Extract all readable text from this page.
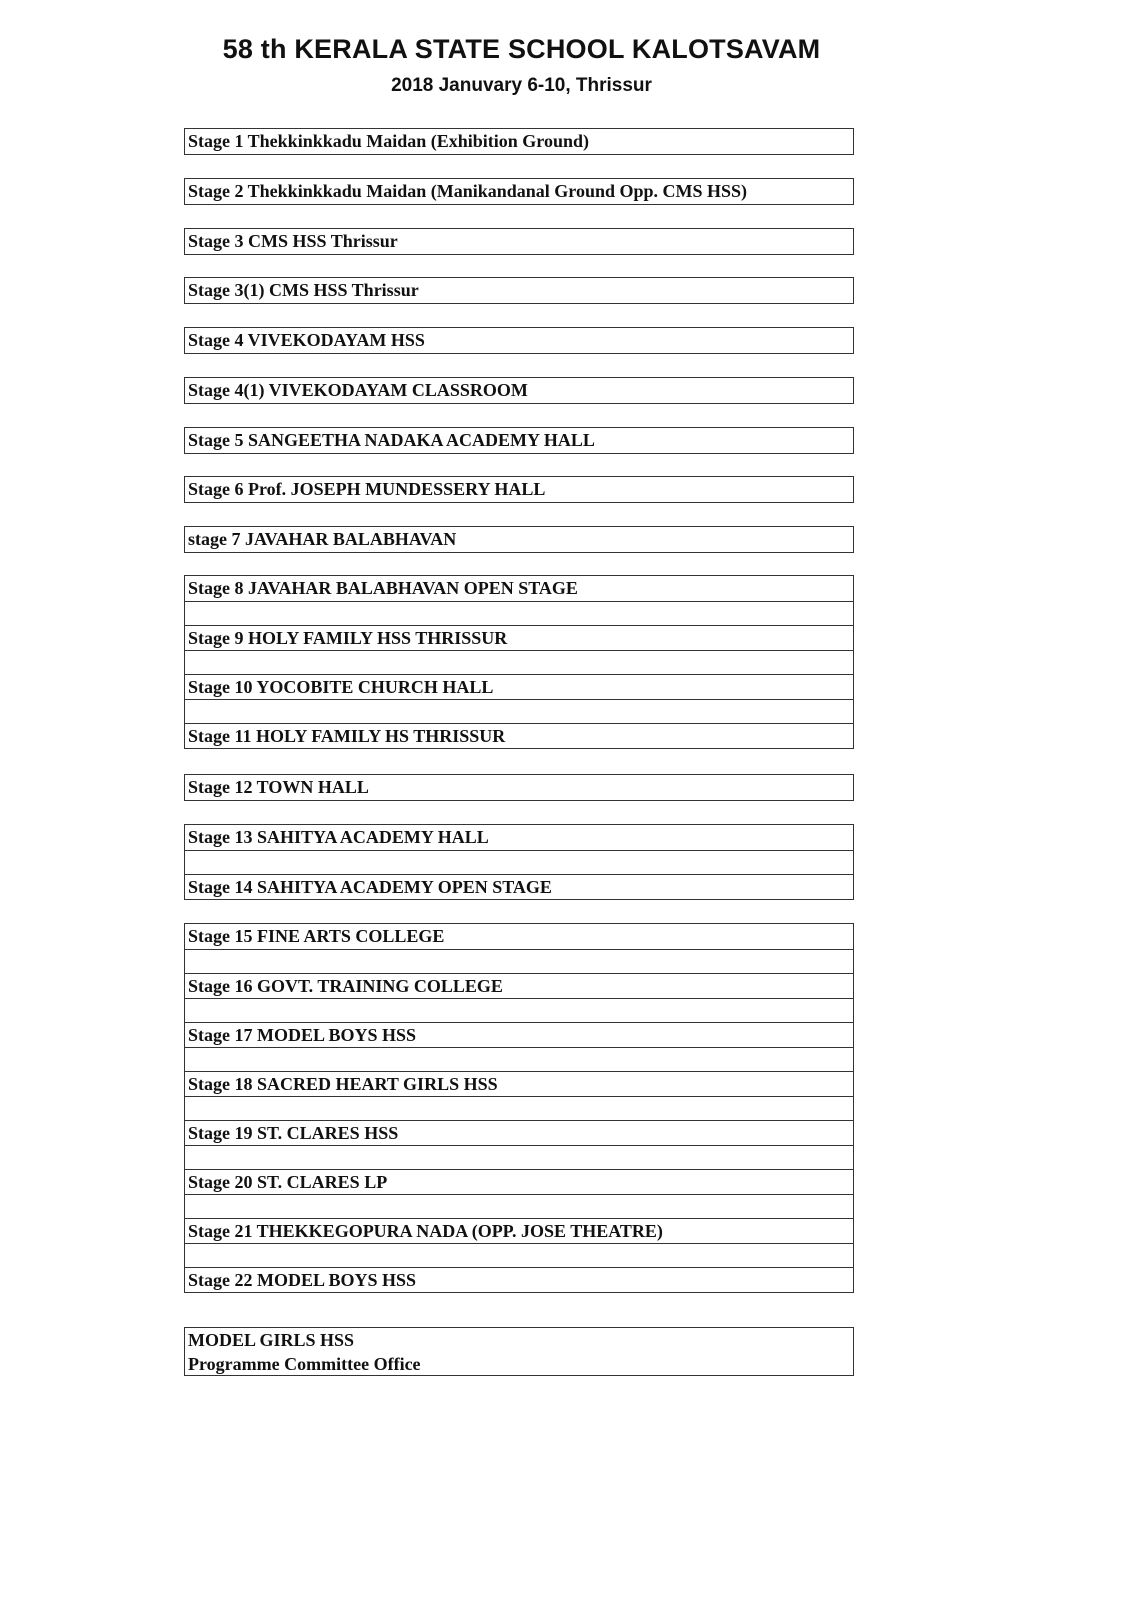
58 th KERALA STATE SCHOOL KALOTSAVAM
2018 Januvary 6-10, Thrissur
Stage 1 Thekkinkkadu Maidan (Exhibition Ground)
Stage 2 Thekkinkkadu Maidan (Manikandanal Ground Opp. CMS HSS)
Stage 3 CMS HSS Thrissur
Stage 3(1) CMS HSS Thrissur
Stage 4 VIVEKODAYAM HSS
Stage 4(1) VIVEKODAYAM CLASSROOM
Stage 5 SANGEETHA NADAKA ACADEMY HALL
Stage 6 Prof. JOSEPH MUNDESSERY HALL
stage 7 JAVAHAR BALABHAVAN
Stage 8 JAVAHAR BALABHAVAN OPEN STAGE
Stage 9 HOLY FAMILY HSS THRISSUR
Stage 10 YOCOBITE CHURCH HALL
Stage 11 HOLY FAMILY HS THRISSUR
Stage 12 TOWN HALL
Stage 13 SAHITYA ACADEMY HALL
Stage 14 SAHITYA ACADEMY OPEN STAGE
Stage 15 FINE ARTS COLLEGE
Stage 16 GOVT. TRAINING COLLEGE
Stage 17 MODEL BOYS HSS
Stage 18 SACRED HEART GIRLS HSS
Stage 19 ST. CLARES HSS
Stage 20 ST. CLARES LP
Stage 21 THEKKEGOPURA NADA (OPP. JOSE THEATRE)
Stage 22 MODEL BOYS HSS
MODEL GIRLS HSS
Programme Committee Office
